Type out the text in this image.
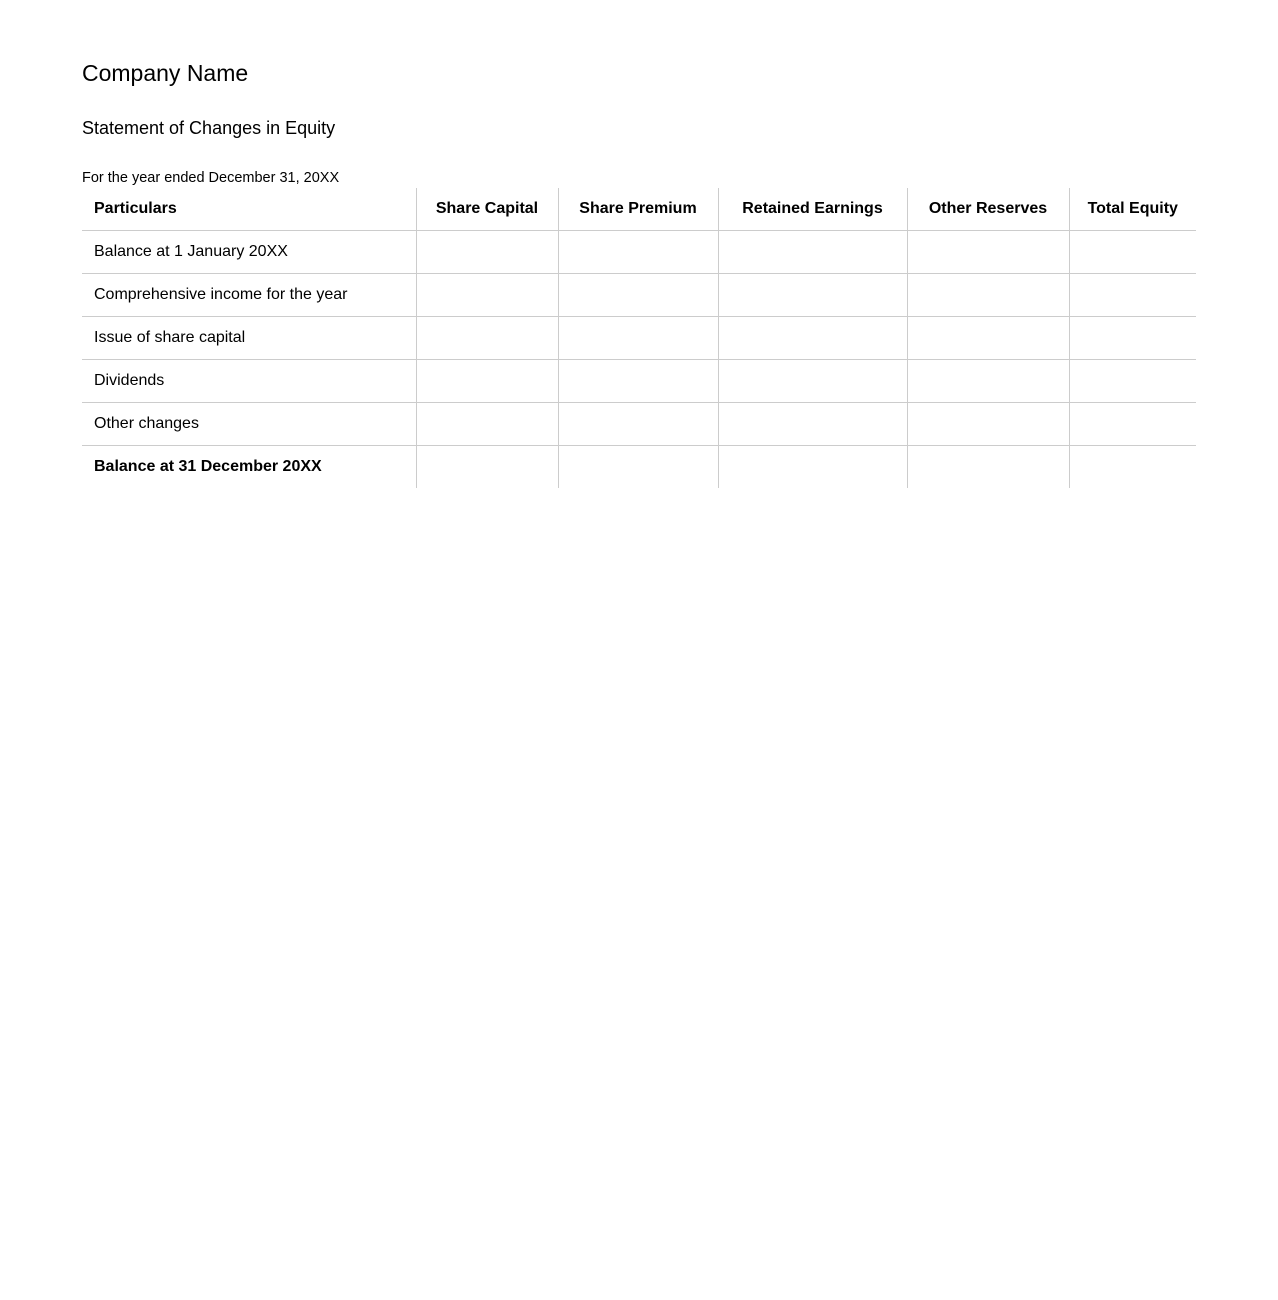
Company Name
Statement of Changes in Equity
For the year ended December 31, 20XX
Particulars	Share Capital	Share Premium	Retained Earnings	Other Reserves	Total Equity
Balance at 1 January 20XX					
Comprehensive income for the year					
Issue of share capital					
Dividends					
Other changes					
Balance at 31 December 20XX					
